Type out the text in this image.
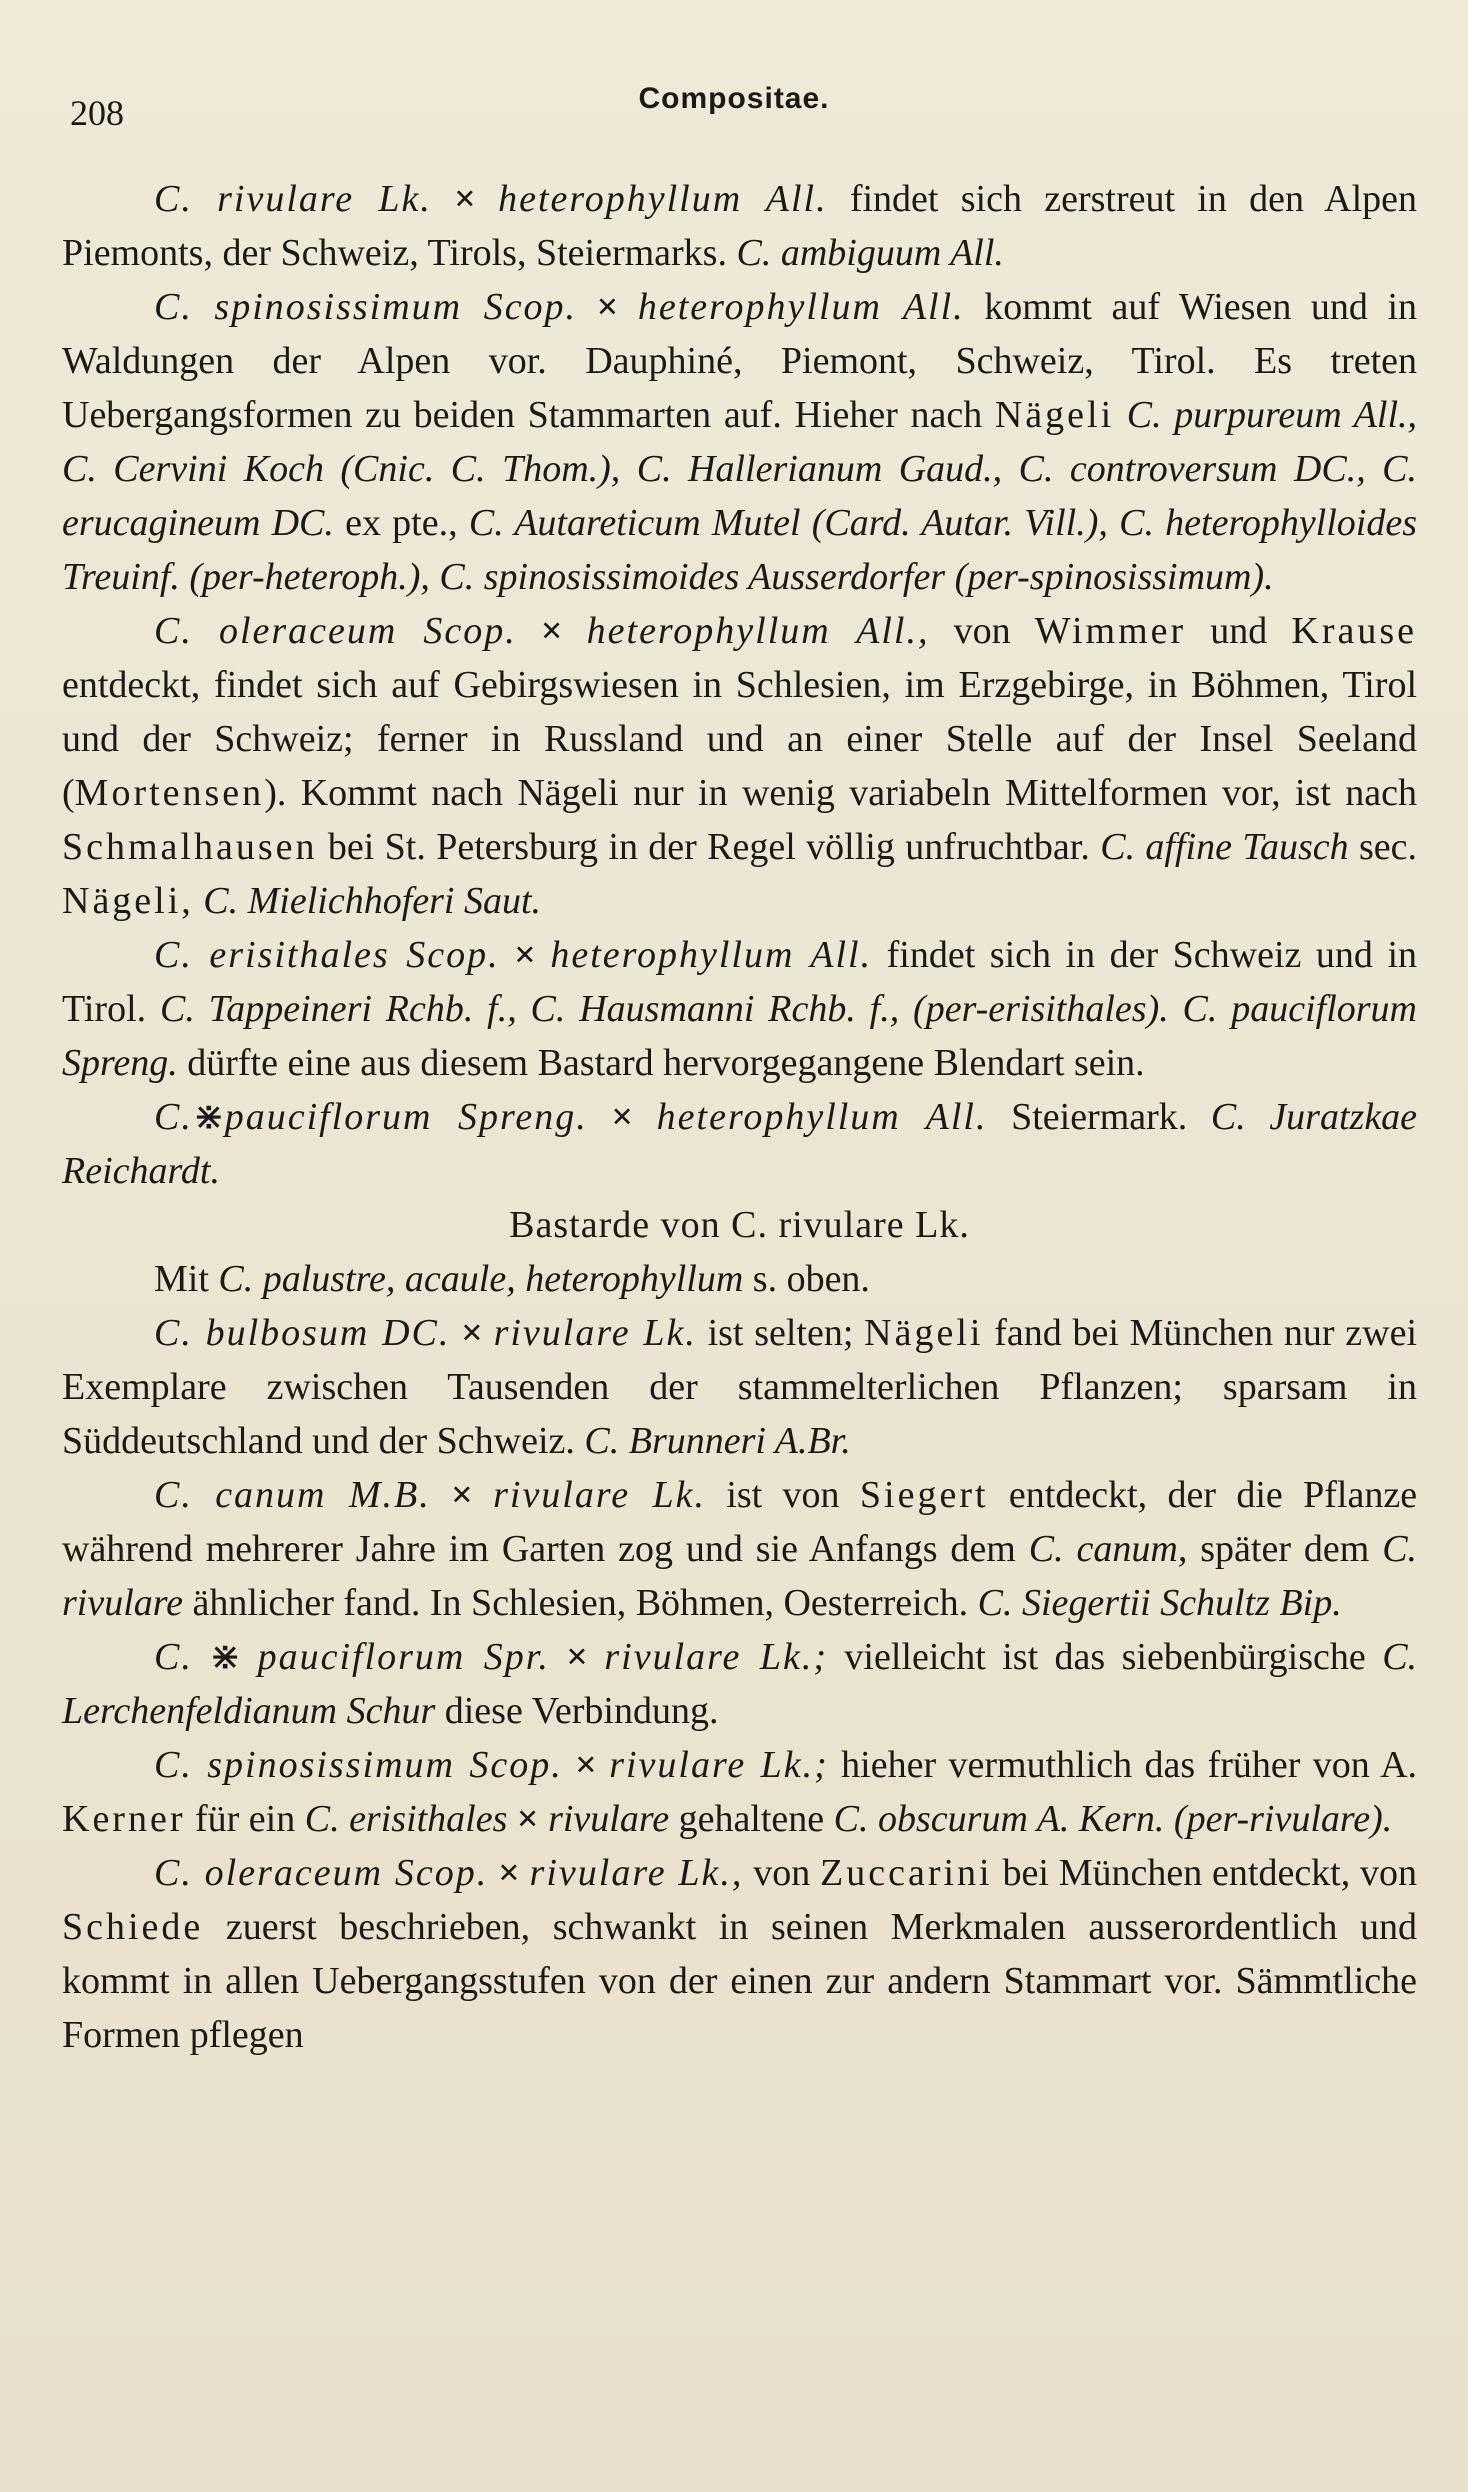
208	Compositae.

C. rivulare Lk. × heterophyllum All. findet sich zerstreut in den Alpen Piemonts, der Schweiz, Tirols, Steiermarks. C. ambiguum All.

C. spinosissimum Scop. × heterophyllum All. kommt auf Wiesen und in Waldungen der Alpen vor. Dauphiné, Piemont, Schweiz, Tirol. Es treten Uebergangsformen zu beiden Stammarten auf. Hieher nach Nägeli C. purpureum All., C. Cervini Koch (Cnic. C. Thom.), C. Hallerianum Gaud., C. controversum DC., C. erucagineum DC. ex pte., C. Autareticum Mutel (Card. Autar. Vill.), C. heterophylloides Treuinf. (per-heteroph.), C. spinosissimoides Ausserdorfer (per-spinosissimum).

C. oleraceum Scop. × heterophyllum All., von Wimmer und Krause entdeckt, findet sich auf Gebirgswiesen in Schlesien, im Erzgebirge, in Böhmen, Tirol und der Schweiz; ferner in Russland und an einer Stelle auf der Insel Seeland (Mortensen). Kommt nach Nägeli nur in wenig variabeln Mittelformen vor, ist nach Schmalhausen bei St. Petersburg in der Regel völlig unfruchtbar. C. affine Tausch sec. Nägeli, C. Mielichhoferi Saut.

C. erisithales Scop. × heterophyllum All. findet sich in der Schweiz und in Tirol. C. Tappeineri Rchb. f., C. Hausmanni Rchb. f., (per-erisithales). C. pauciflorum Spreng. dürfte eine aus diesem Bastard hervorgegangene Blendart sein.

C.⋇pauciflorum Spreng. × heterophyllum All. Steiermark. C. Juratzkae Reichardt.

Bastarde von C. rivulare Lk.

Mit C. palustre, acaule, heterophyllum s. oben.

C. bulbosum DC. × rivulare Lk. ist selten; Nägeli fand bei München nur zwei Exemplare zwischen Tausenden der stammelterlichen Pflanzen; sparsam in Süddeutschland und der Schweiz. C. Brunneri A.Br.

C. canum M.B. × rivulare Lk. ist von Siegert entdeckt, der die Pflanze während mehrerer Jahre im Garten zog und sie Anfangs dem C. canum, später dem C. rivulare ähnlicher fand. In Schlesien, Böhmen, Oesterreich. C. Siegertii Schultz Bip.

C. ⋇ pauciflorum Spr. × rivulare Lk.; vielleicht ist das siebenbürgische C. Lerchenfeldianum Schur diese Verbindung.

C. spinosissimum Scop. × rivulare Lk.; hieher vermuthlich das früher von A. Kerner für ein C. erisithales × rivulare gehaltene C. obscurum A. Kern. (per-rivulare).

C. oleraceum Scop. × rivulare Lk., von Zuccarini bei München entdeckt, von Schiede zuerst beschrieben, schwankt in seinen Merkmalen ausserordentlich und kommt in allen Uebergangsstufen von der einen zur andern Stammart vor. Sämmtliche Formen pflegen
